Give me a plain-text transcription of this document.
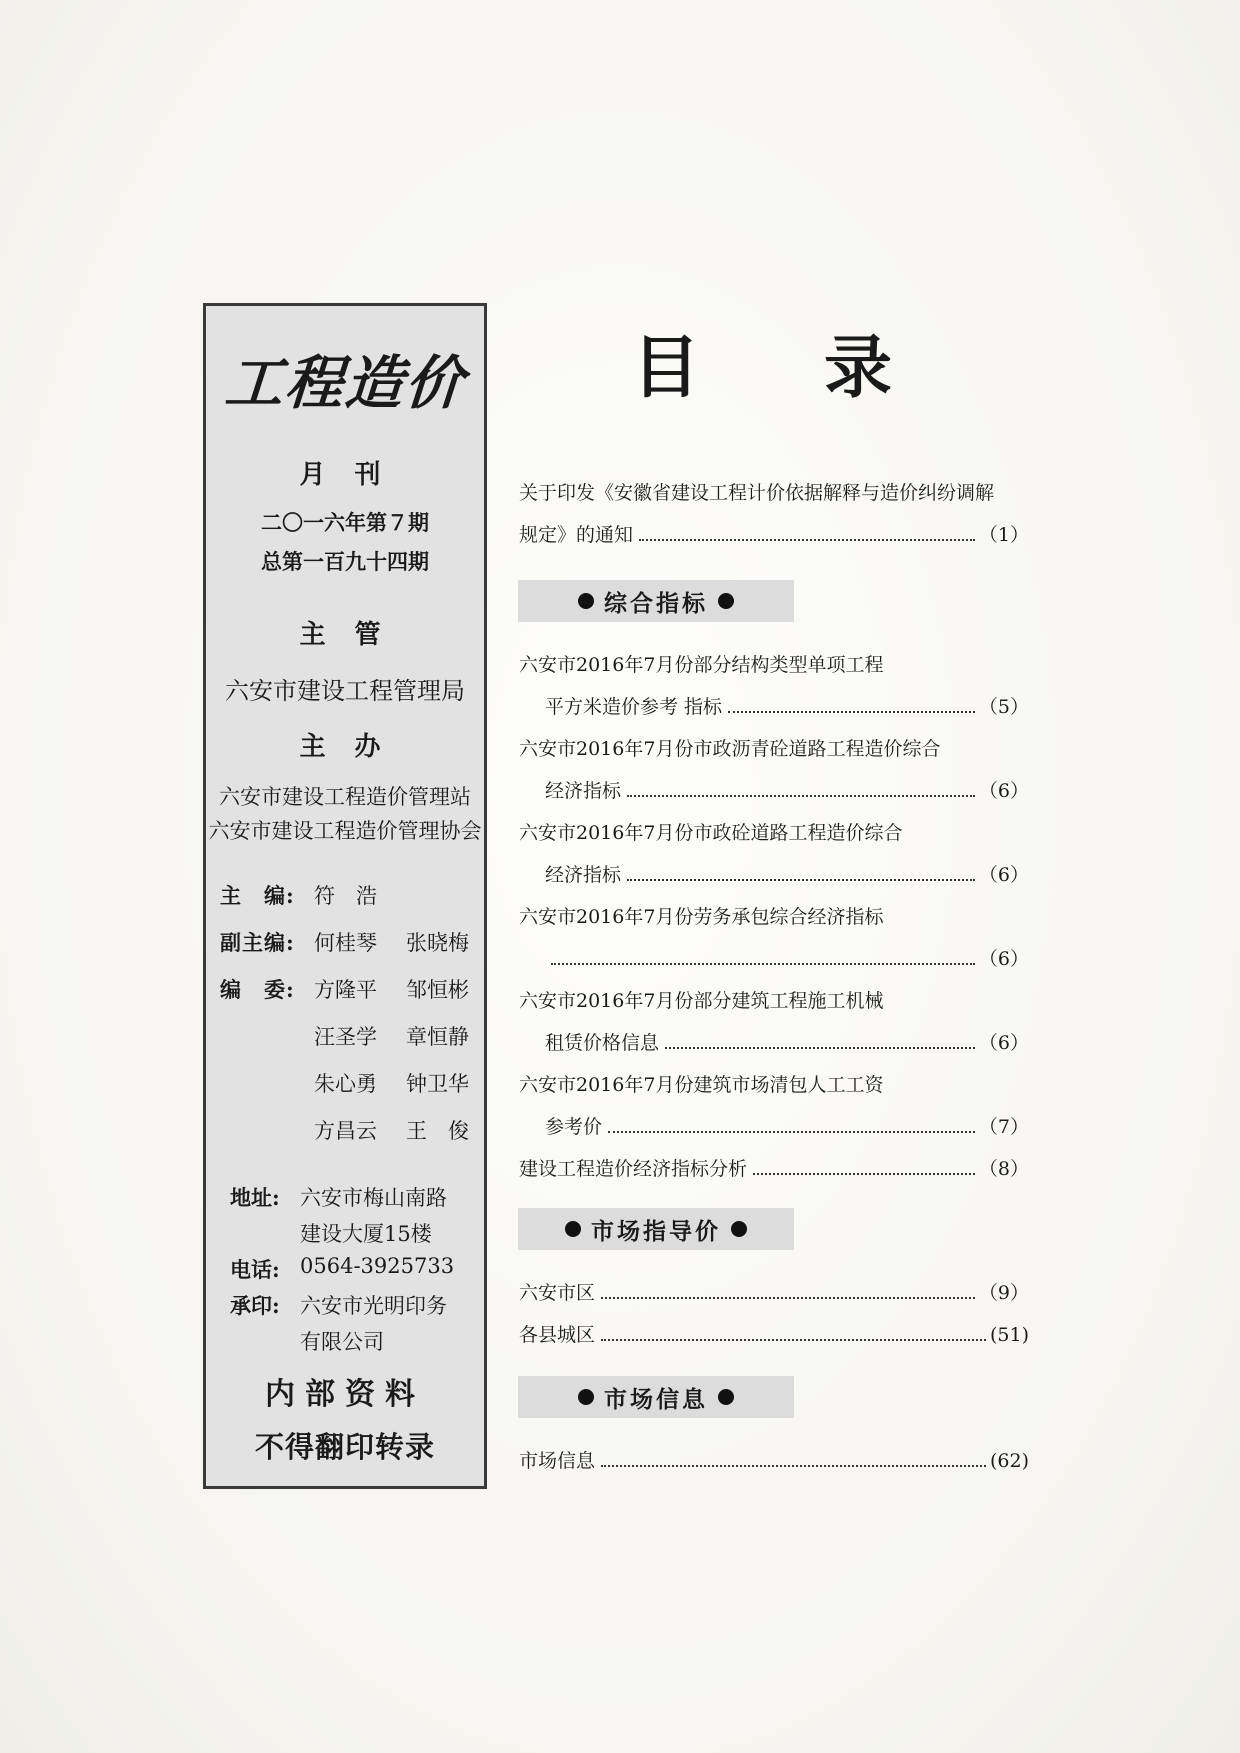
工程造价
月 刊
二〇一六年第７期
总第一百九十四期
主 管
六安市建设工程管理局
主 办
六安市建设工程造价管理站
六安市建设工程造价管理协会
主　编: 符　浩
副主编: 何桂琴	张晓梅
编　委: 方隆平	邹恒彬
汪圣学	章恒静
朱心勇	钟卫华
方昌云	王　俊
地址: 六安市梅山南路
建设大厦15楼
电话: 0564-3925733
承印: 六安市光明印务
有限公司
内部资料
不得翻印转录
目 录
关于印发《安徽省建设工程计价依据解释与造价纠纷调解
规定》的通知	（1）
综合指标
六安市2016年7月份部分结构类型单项工程
平方米造价参考 指标	（5）
六安市2016年7月份市政沥青砼道路工程造价综合
经济指标	（6）
六安市2016年7月份市政砼道路工程造价综合
经济指标	（6）
六安市2016年7月份劳务承包综合经济指标
（6）
六安市2016年7月份部分建筑工程施工机械
租赁价格信息	（6）
六安市2016年7月份建筑市场清包人工工资
参考价	（7）
建设工程造价经济指标分析	（8）
市场指导价
六安市区	（9）
各县城区	(51)
市场信息
市场信息	(62)
